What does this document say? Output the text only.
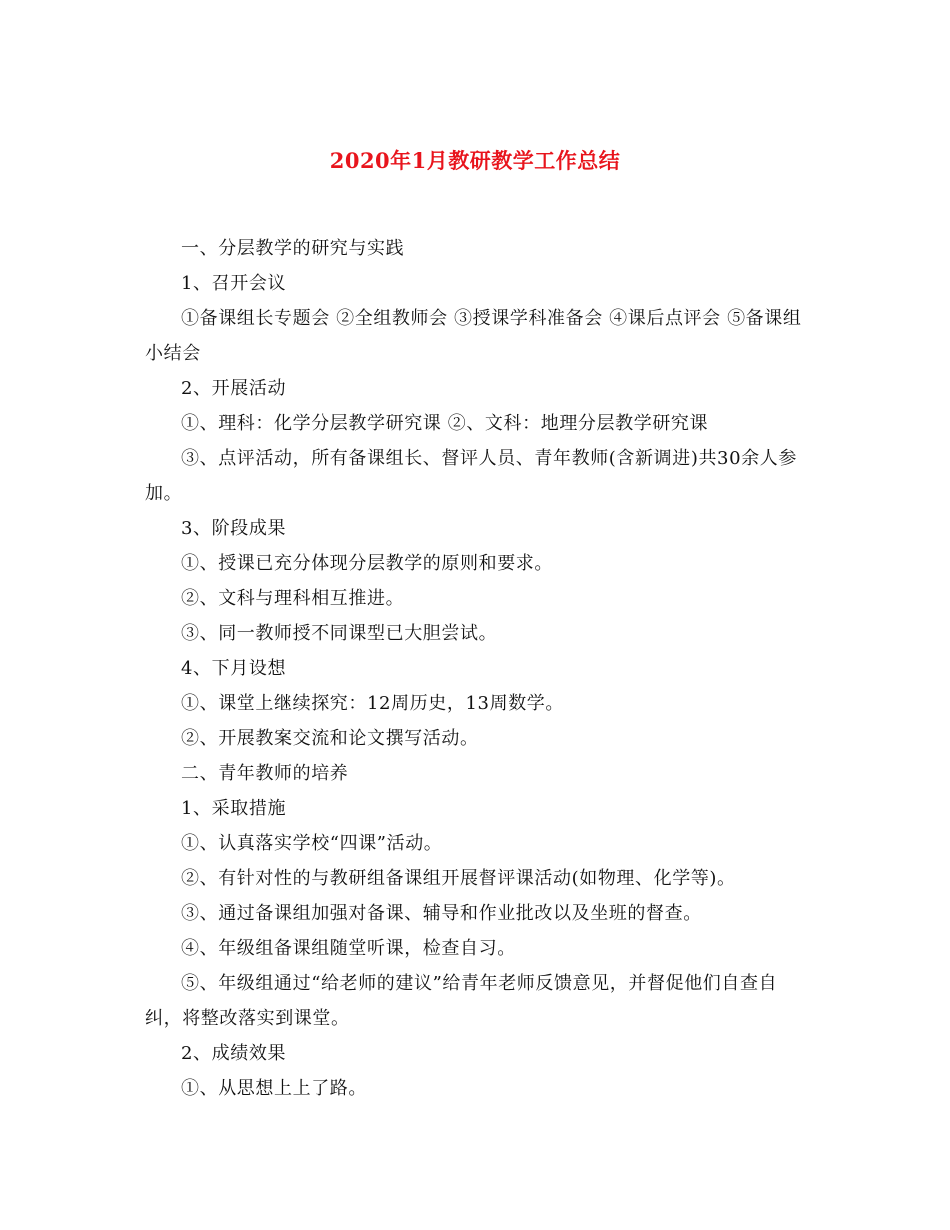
2020年1月教研教学工作总结

一、分层教学的研究与实践

1、召开会议

①备课组长专题会 ②全组教师会 ③授课学科准备会 ④课后点评会 ⑤备课组小结会

2、开展活动

①、理科：化学分层教学研究课 ②、文科：地理分层教学研究课

③、点评活动，所有备课组长、督评人员、青年教师(含新调进)共30余人参加。

3、阶段成果

①、授课已充分体现分层教学的原则和要求。

②、文科与理科相互推进。

③、同一教师授不同课型已大胆尝试。

4、下月设想

①、课堂上继续探究：12周历史，13周数学。

②、开展教案交流和论文撰写活动。

二、青年教师的培养

1、采取措施

①、认真落实学校“四课”活动。

②、有针对性的与教研组备课组开展督评课活动(如物理、化学等)。

③、通过备课组加强对备课、辅导和作业批改以及坐班的督查。

④、年级组备课组随堂听课，检查自习。

⑤、年级组通过“给老师的建议”给青年老师反馈意见，并督促他们自查自纠，将整改落实到课堂。

2、成绩效果

①、从思想上上了路。
